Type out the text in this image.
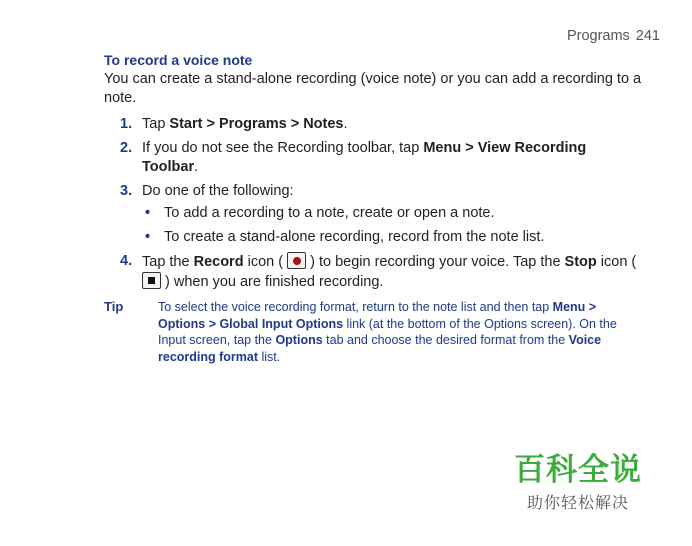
Programs 241

To record a voice note

You can create a stand-alone recording (voice note) or you can add a recording to a note.

1. Tap Start > Programs > Notes.
2. If you do not see the Recording toolbar, tap Menu > View Recording Toolbar.
3. Do one of the following:
• To add a recording to a note, create or open a note.
• To create a stand-alone recording, record from the note list.
4. Tap the Record icon (
) to begin recording your voice. Tap the Stop icon (
) when you are finished recording.
Tip	To select the voice recording format, return to the note list and then tap Menu > Options > Global Input Options link (at the bottom of the Options screen). On the Input screen, tap the Options tab and choose the desired format from the Voice recording format list.
百科全说
助你轻松解决
